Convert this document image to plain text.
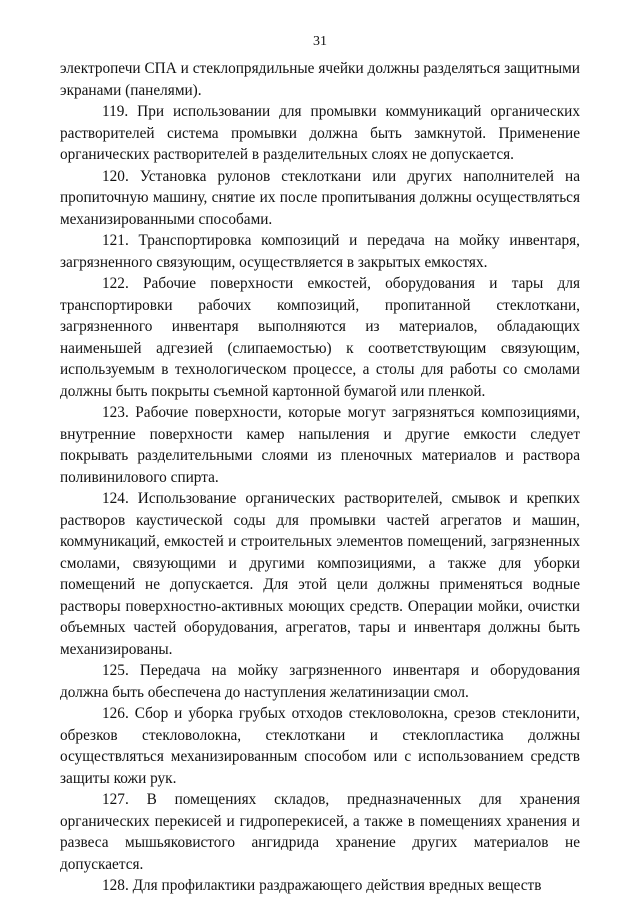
31

электропечи СПА и стеклопрядильные ячейки должны разделяться защитными экранами (панелями).

119. При использовании для промывки коммуникаций органических растворителей система промывки должна быть замкнутой. Применение органических растворителей в разделительных слоях не допускается.

120. Установка рулонов стеклоткани или других наполнителей на пропиточную машину, снятие их после пропитывания должны осуществляться механизированными способами.

121. Транспортировка композиций и передача на мойку инвентаря, загрязненного связующим, осуществляется в закрытых емкостях.

122. Рабочие поверхности емкостей, оборудования и тары для транспортировки рабочих композиций, пропитанной стеклоткани, загрязненного инвентаря выполняются из материалов, обладающих наименьшей адгезией (слипаемостью) к соответствующим связующим, используемым в технологическом процессе, а столы для работы со смолами должны быть покрыты съемной картонной бумагой или пленкой.

123. Рабочие поверхности, которые могут загрязняться композициями, внутренние поверхности камер напыления и другие емкости следует покрывать разделительными слоями из пленочных материалов и раствора поливинилового спирта.

124. Использование органических растворителей, смывок и крепких растворов каустической соды для промывки частей агрегатов и машин, коммуникаций, емкостей и строительных элементов помещений, загрязненных смолами, связующими и другими композициями, а также для уборки помещений не допускается. Для этой цели должны применяться водные растворы поверхностно-активных моющих средств. Операции мойки, очистки объемных частей оборудования, агрегатов, тары и инвентаря должны быть механизированы.

125. Передача на мойку загрязненного инвентаря и оборудования должна быть обеспечена до наступления желатинизации смол.

126. Сбор и уборка грубых отходов стекловолокна, срезов стеклонити, обрезков стекловолокна, стеклоткани и стеклопластика должны осуществляться механизированным способом или с использованием средств защиты кожи рук.

127. В помещениях складов, предназначенных для хранения органических перекисей и гидроперекисей, а также в помещениях хранения и развеса мышьяковистого ангидрида хранение других материалов не допускается.

128. Для профилактики раздражающего действия вредных веществ
